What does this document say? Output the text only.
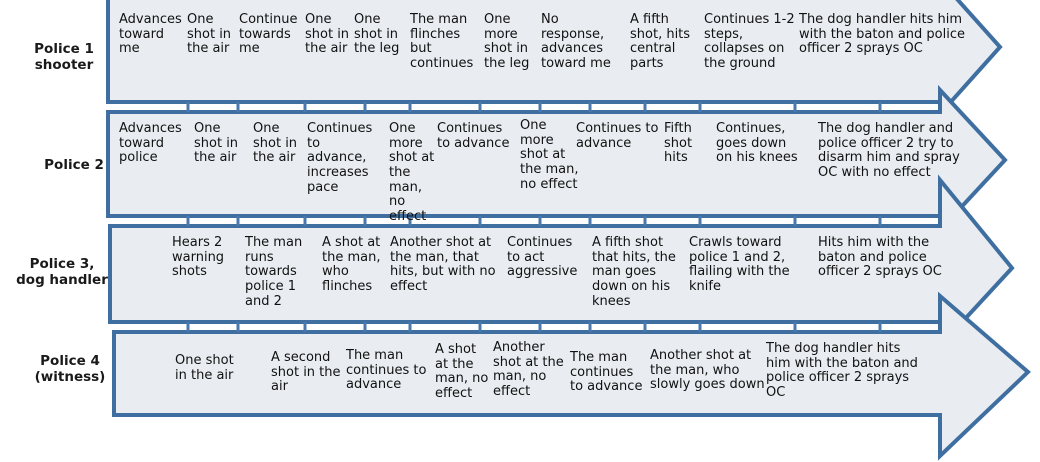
Police 1 shooter
Police 2
Police 3, dog handler
Police 4 (witness)
Advances toward me
One shot in the air
Continue towards me
One shot in the air
One shot in the leg
The man flinches but continues
One more shot in the leg
No response, advances toward me
A fifth shot, hits central parts
Continues 1-2 steps, collapses on the ground
The dog handler hits him with the baton and police officer 2 sprays OC
Advances toward police
One shot in the air
One shot in the air
Continues to advance, increases pace
One more shot at the man, no effect
Continues to advance
One more shot at the man, no effect
Continues to advance
Fifth shot hits
Continues, goes down on his knees
The dog handler and police officer 2 try to disarm him and spray OC with no effect
Hears 2 warning shots
The man runs towards police 1 and 2
A shot at the man, who flinches
Another shot at the man, that hits, but with no effect
Continues to act aggressive
A fifth shot that hits, the man goes down on his knees
Crawls toward police 1 and 2, flailing with the knife
Hits him with the baton and police officer 2 sprays OC
One shot in the air
A second shot in the air
The man continues to advance
A shot at the man, no effect
Another shot at the man, no effect
The man continues to advance
Another shot at the man, who slowly goes down
The dog handler hits him with the baton and police officer 2 sprays OC
